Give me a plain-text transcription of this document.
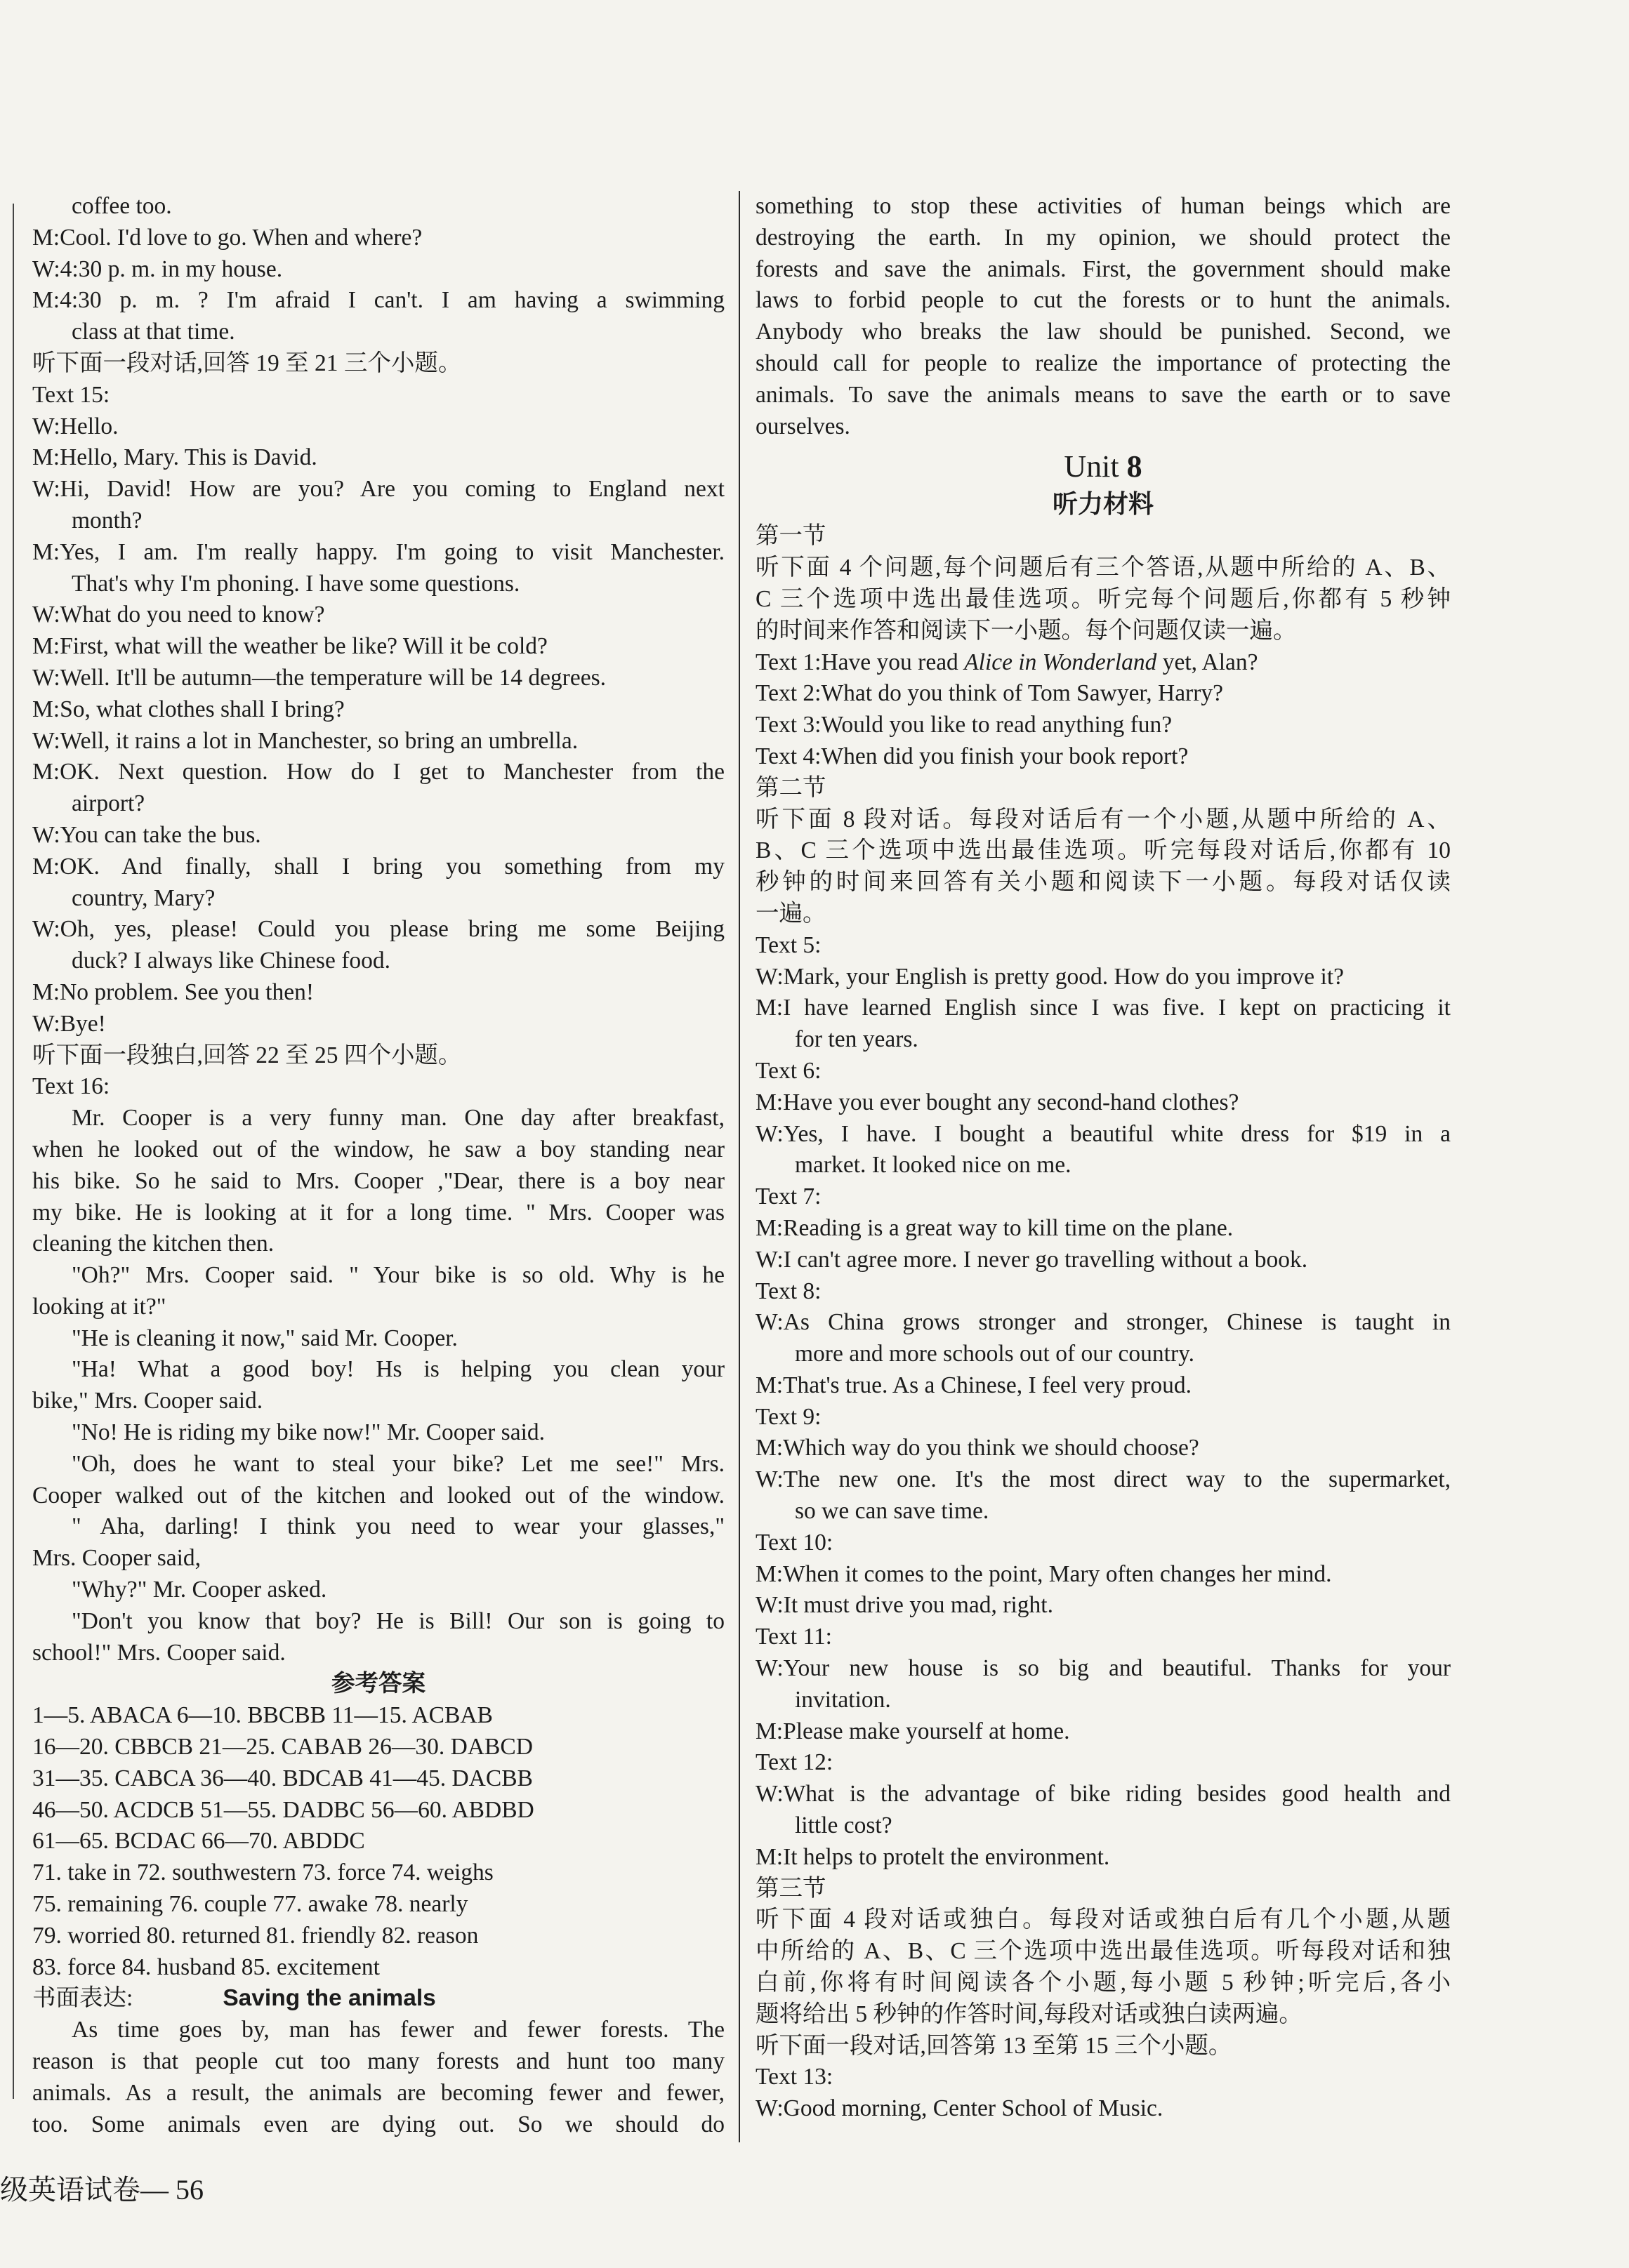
coffee too.

M:Cool. I'd love to go. When and where?

W:4:30 p. m. in my house.

M:4:30 p. m. ? I'm afraid I can't. I am having a swimming

class at that time.

听下面一段对话,回答 19 至 21 三个小题。

Text 15:

W:Hello.

M:Hello, Mary. This is David.

W:Hi, David! How are you? Are you coming to England next

month?

M:Yes, I am. I'm really happy. I'm going to visit Manchester.

That's why I'm phoning. I have some questions.

W:What do you need to know?

M:First, what will the weather be like? Will it be cold?

W:Well. It'll be autumn—the temperature will be 14 degrees.

M:So, what clothes shall I bring?

W:Well, it rains a lot in Manchester, so bring an umbrella.

M:OK. Next question. How do I get to Manchester from the

airport?

W:You can take the bus.

M:OK. And finally, shall I bring you something from my

country, Mary?

W:Oh, yes, please! Could you please bring me some Beijing

duck? I always like Chinese food.

M:No problem. See you then!

W:Bye!

听下面一段独白,回答 22 至 25 四个小题。

Text 16:

Mr. Cooper is a very funny man. One day after breakfast,

when he looked out of the window, he saw a boy standing near

his bike. So he said to Mrs. Cooper ,"Dear, there is a boy near

my bike. He is looking at it for a long time. " Mrs. Cooper was

cleaning the kitchen then.

"Oh?" Mrs. Cooper said. " Your bike is so old. Why is he

looking at it?"

"He is cleaning it now," said Mr. Cooper.

"Ha! What a good boy! Hs is helping you clean your

bike," Mrs. Cooper said.

"No! He is riding my bike now!" Mr. Cooper said.

"Oh, does he want to steal your bike? Let me see!" Mrs.

Cooper walked out of the kitchen and looked out of the window.

" Aha, darling! I think you need to wear your glasses,"

Mrs. Cooper said,

"Why?" Mr. Cooper asked.

"Don't you know that boy? He is Bill! Our son is going to

school!" Mrs. Cooper said.

参考答案

1—5. ABACA 6—10. BBCBB 11—15. ACBAB

16—20. CBBCB 21—25. CABAB 26—30. DABCD

31—35. CABCA 36—40. BDCAB 41—45. DACBB

46—50. ACDCB 51—55. DADBC 56—60. ABDBD

61—65. BCDAC 66—70. ABDDC

71. take in 72. southwestern 73. force 74. weighs

75. remaining 76. couple 77. awake 78. nearly

79. worried 80. returned 81. friendly 82. reason

83. force 84. husband 85. excitement

书面表达:	Saving the animals

As time goes by, man has fewer and fewer forests. The

reason is that people cut too many forests and hunt too many

animals. As a result, the animals are becoming fewer and fewer,

too. Some animals even are dying out. So we should do

something to stop these activities of human beings which are

destroying the earth. In my opinion, we should protect the

forests and save the animals. First, the government should make

laws to forbid people to cut the forests or to hunt the animals.

Anybody who breaks the law should be punished. Second, we

should call for people to realize the importance of protecting the

animals. To save the animals means to save the earth or to save

ourselves.

Unit 8
听力材料

第一节

听下面 4 个问题,每个问题后有三个答语,从题中所给的 A、B、

C 三个选项中选出最佳选项。听完每个问题后,你都有 5 秒钟

的时间来作答和阅读下一小题。每个问题仅读一遍。

Text 1:Have you read Alice in Wonderland yet, Alan?

Text 2:What do you think of Tom Sawyer, Harry?

Text 3:Would you like to read anything fun?

Text 4:When did you finish your book report?

第二节

听下面 8 段对话。每段对话后有一个小题,从题中所给的 A、

B、C 三个选项中选出最佳选项。听完每段对话后,你都有 10

秒钟的时间来回答有关小题和阅读下一小题。每段对话仅读

一遍。

Text 5:

W:Mark, your English is pretty good. How do you improve it?

M:I have learned English since I was five. I kept on practicing it

for ten years.

Text 6:

M:Have you ever bought any second-hand clothes?

W:Yes, I have. I bought a beautiful white dress for $19 in a

market. It looked nice on me.

Text 7:

M:Reading is a great way to kill time on the plane.

W:I can't agree more. I never go travelling without a book.

Text 8:

W:As China grows stronger and stronger, Chinese is taught in

more and more schools out of our country.

M:That's true. As a Chinese, I feel very proud.

Text 9:

M:Which way do you think we should choose?

W:The new one. It's the most direct way to the supermarket,

so we can save time.

Text 10:

M:When it comes to the point, Mary often changes her mind.

W:It must drive you mad, right.

Text 11:

W:Your new house is so big and beautiful. Thanks for your

invitation.

M:Please make yourself at home.

Text 12:

W:What is the advantage of bike riding besides good health and

little cost?

M:It helps to protelt the environment.

第三节

听下面 4 段对话或独白。每段对话或独白后有几个小题,从题

中所给的 A、B、C 三个选项中选出最佳选项。听每段对话和独

白前,你将有时间阅读各个小题,每小题 5 秒钟;听完后,各小

题将给出 5 秒钟的作答时间,每段对话或独白读两遍。

听下面一段对话,回答第 13 至第 15 三个小题。

Text 13:

W:Good morning, Center School of Music.

级英语试卷— 56
